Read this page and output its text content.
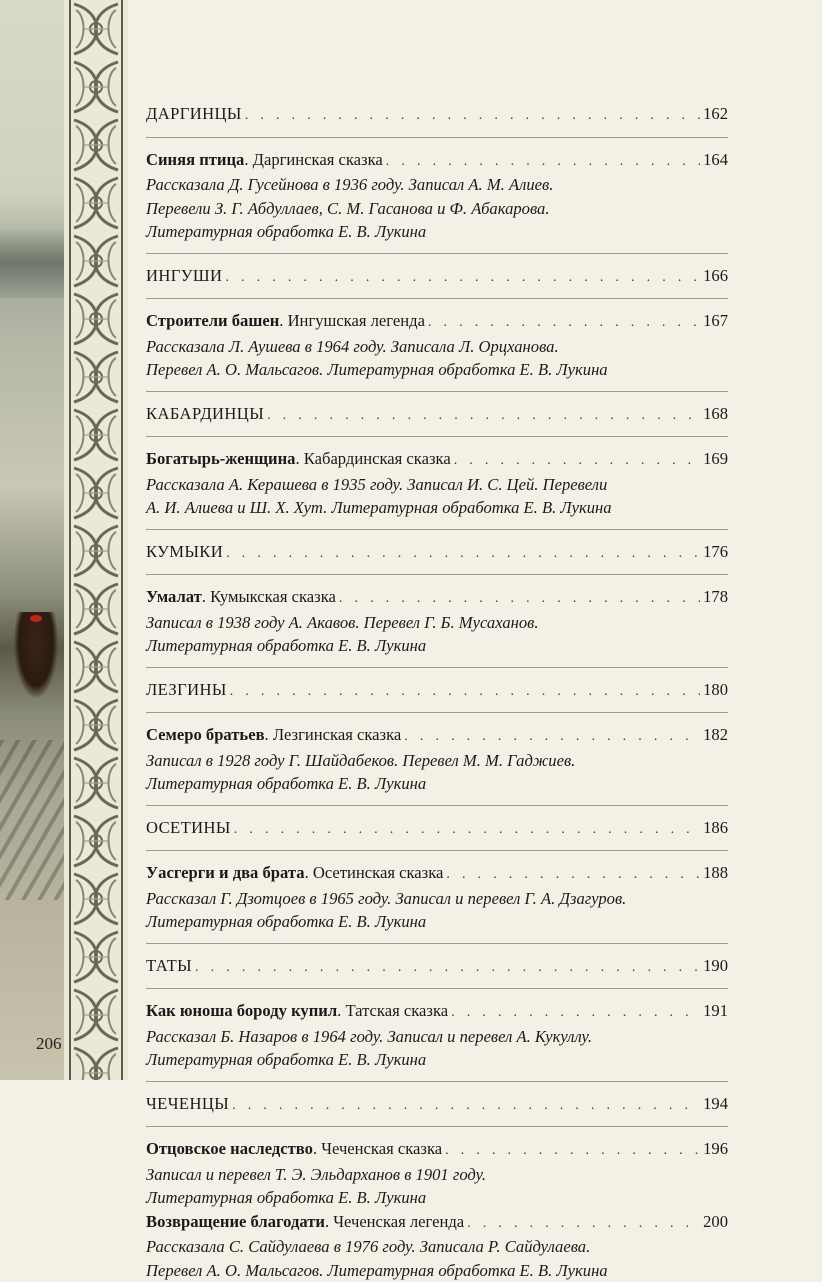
ДАРГИНЦЫ . . .	162
Синяя птица. Даргинская сказка . . .	164
Рассказала Д. Гусейнова в 1936 году. Записал А. М. Алиев.
Перевели З. Г. Абдуллаев, С. М. Гасанова и Ф. Абакарова.
Литературная обработка Е. В. Лукина
ИНГУШИ . . .	166
Строители башен. Ингушская легенда . . .	167
Рассказала Л. Аушева в 1964 году. Записала Л. Орцханова.
Перевел А. О. Мальсагов. Литературная обработка Е. В. Лукина
КАБАРДИНЦЫ . . .	168
Богатырь-женщина. Кабардинская сказка . . .	169
Рассказала А. Керашева в 1935 году. Записал И. С. Цей. Перевели
А. И. Алиева и Ш. Х. Хут. Литературная обработка Е. В. Лукина
КУМЫКИ . . .	176
Умалат. Кумыкская сказка . . .	178
Записал в 1938 году А. Акавов. Перевел Г. Б. Мусаханов.
Литературная обработка Е. В. Лукина
ЛЕЗГИНЫ . . .	180
Семеро братьев. Лезгинская сказка . . .	182
Записал в 1928 году Г. Шайдабеков. Перевел М. М. Гаджиев.
Литературная обработка Е. В. Лукина
ОСЕТИНЫ . . .	186
Уасгерги и два брата. Осетинская сказка . . .	188
Рассказал Г. Дзотцоев в 1965 году. Записал и перевел Г. А. Дзагуров.
Литературная обработка Е. В. Лукина
ТАТЫ . . .	190
Как юноша бороду купил. Татская сказка . . .	191
Рассказал Б. Назаров в 1964 году. Записал и перевел А. Кукуллу.
Литературная обработка Е. В. Лукина
ЧЕЧЕНЦЫ . . .	194
Отцовское наследство. Чеченская сказка . . .	196
Записал и перевел Т. Э. Эльдарханов в 1901 году.
Литературная обработка Е. В. Лукина
Возвращение благодати. Чеченская легенда . . .	200
Рассказала С. Сайдулаева в 1976 году. Записала Р. Сайдулаева.
Перевел А. О. Мальсагов. Литературная обработка Е. В. Лукина
206
